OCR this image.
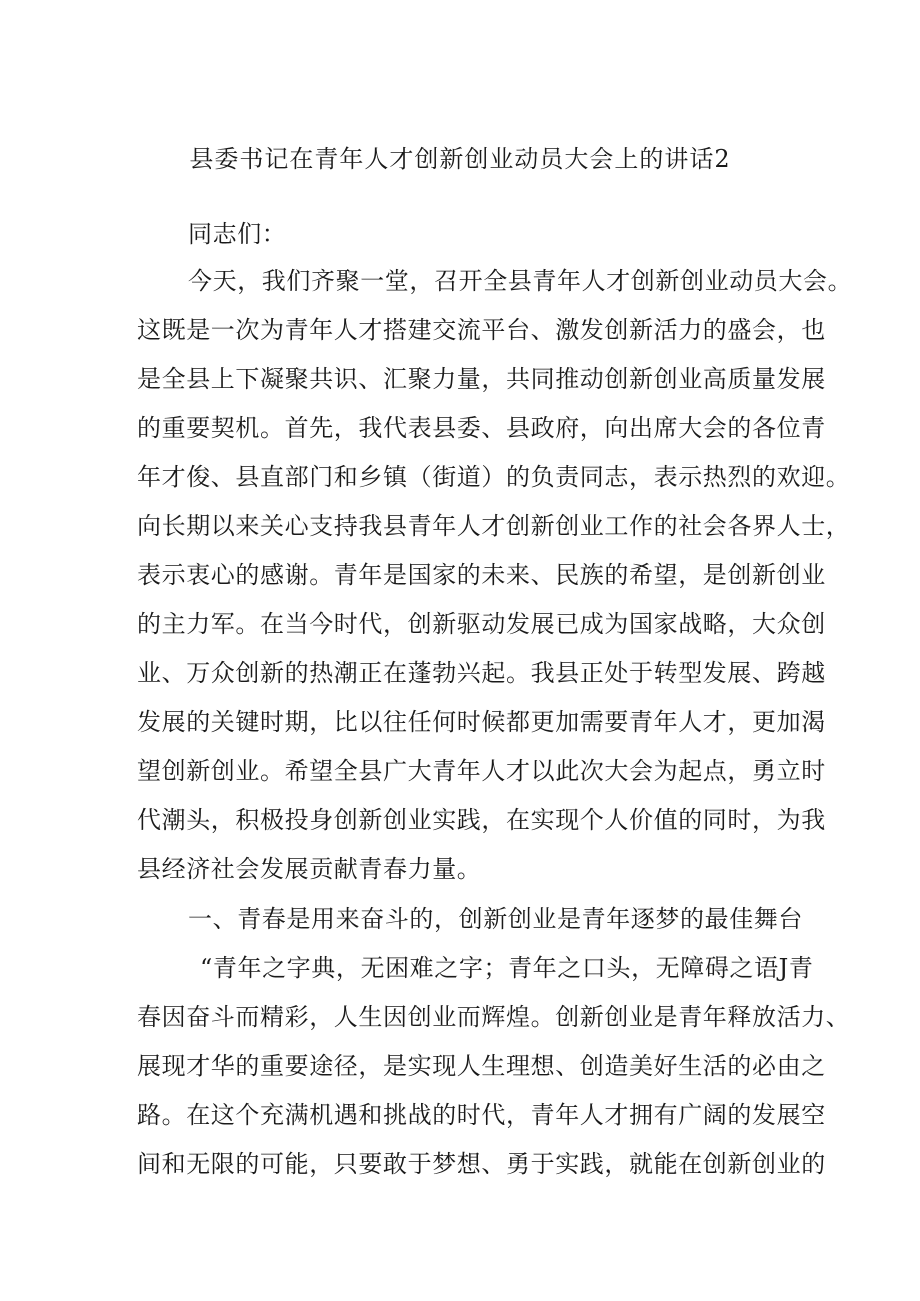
县委书记在青年人才创新创业动员大会上的讲话2
同志们：
今天，我们齐聚一堂，召开全县青年人才创新创业动员大会。
这既是一次为青年人才搭建交流平台、激发创新活力的盛会，也
是全县上下凝聚共识、汇聚力量，共同推动创新创业高质量发展
的重要契机。首先，我代表县委、县政府，向出席大会的各位青
年才俊、县直部门和乡镇（街道）的负责同志，表示热烈的欢迎。
向长期以来关心支持我县青年人才创新创业工作的社会各界人士，
表示衷心的感谢。青年是国家的未来、民族的希望，是创新创业
的主力军。在当今时代，创新驱动发展已成为国家战略，大众创
业、万众创新的热潮正在蓬勃兴起。我县正处于转型发展、跨越
发展的关键时期，比以往任何时候都更加需要青年人才，更加渴
望创新创业。希望全县广大青年人才以此次大会为起点，勇立时
代潮头，积极投身创新创业实践，在实现个人价值的同时，为我
县经济社会发展贡献青春力量。
一、青春是用来奋斗的，创新创业是青年逐梦的最佳舞台
“青年之字典，无困难之字；青年之口头，无障碍之语J青
春因奋斗而精彩，人生因创业而辉煌。创新创业是青年释放活力、
展现才华的重要途径，是实现人生理想、创造美好生活的必由之
路。在这个充满机遇和挑战的时代，青年人才拥有广阔的发展空
间和无限的可能，只要敢于梦想、勇于实践，就能在创新创业的
